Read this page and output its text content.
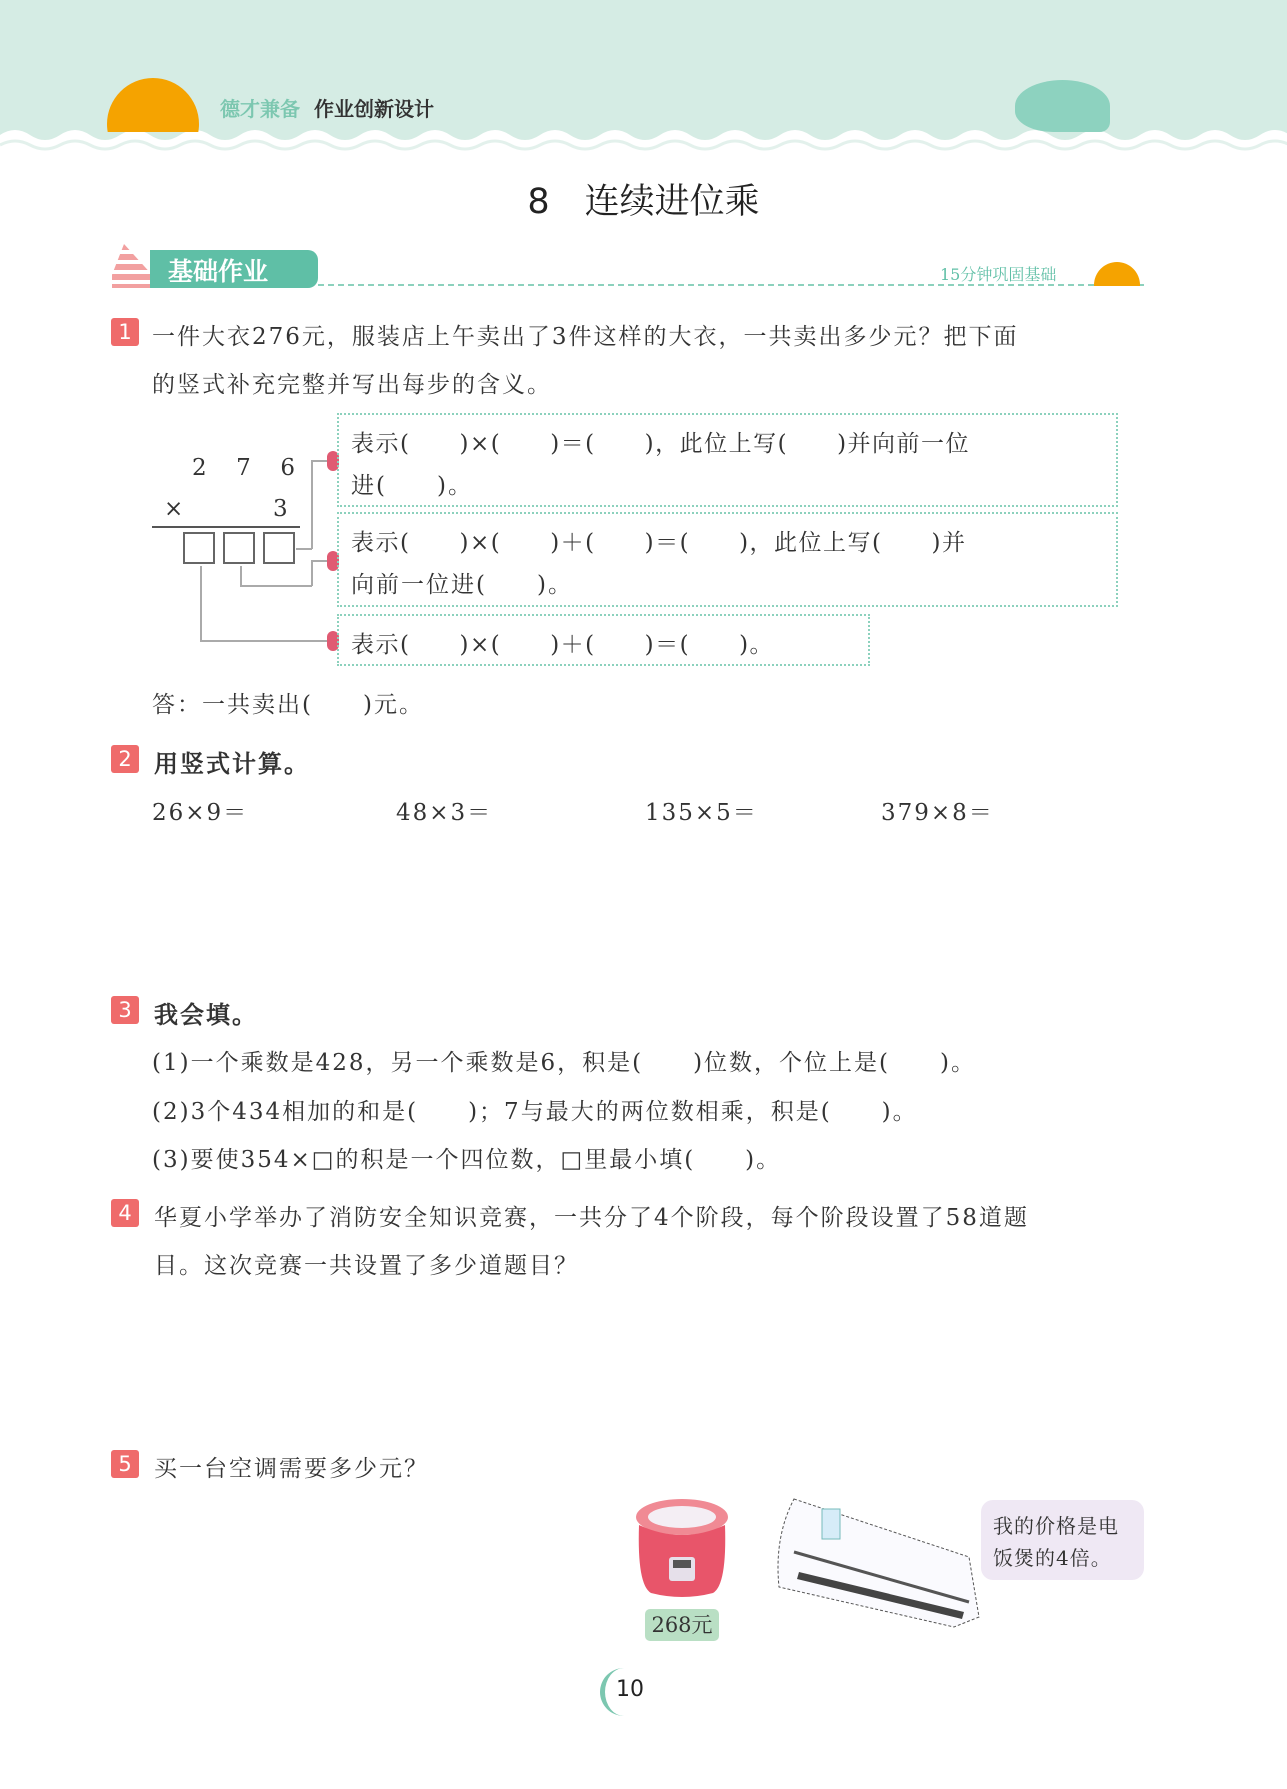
德才兼备 作业创新设计
8　连续进位乘
基础作业	15分钟巩固基础
1 一件大衣276元，服装店上午卖出了3件这样的大衣，一共卖出多少元？把下面
的竖式补充完整并写出每步的含义。
2 7 6
×	3
表示(　　)×(　　)＝(　　)，此位上写(　　)并向前一位
进(　　)。
表示(　　)×(　　)＋(　　)＝(　　)，此位上写(　　)并
向前一位进(　　)。
表示(　　)×(　　)＋(　　)＝(　　)。
答：一共卖出(　　)元。
2 用竖式计算。
26×9＝	48×3＝	135×5＝	379×8＝
3 我会填。
(1)一个乘数是428，另一个乘数是6，积是(　　)位数，个位上是(　　)。
(2)3个434相加的和是(　　)；7与最大的两位数相乘，积是(　　)。
(3)要使354×□的积是一个四位数，□里最小填(　　)。
4 华夏小学举办了消防安全知识竞赛，一共分了4个阶段，每个阶段设置了58道题
目。这次竞赛一共设置了多少道题目？
5 买一台空调需要多少元？
268元
我的价格是电
饭煲的4倍。
10
